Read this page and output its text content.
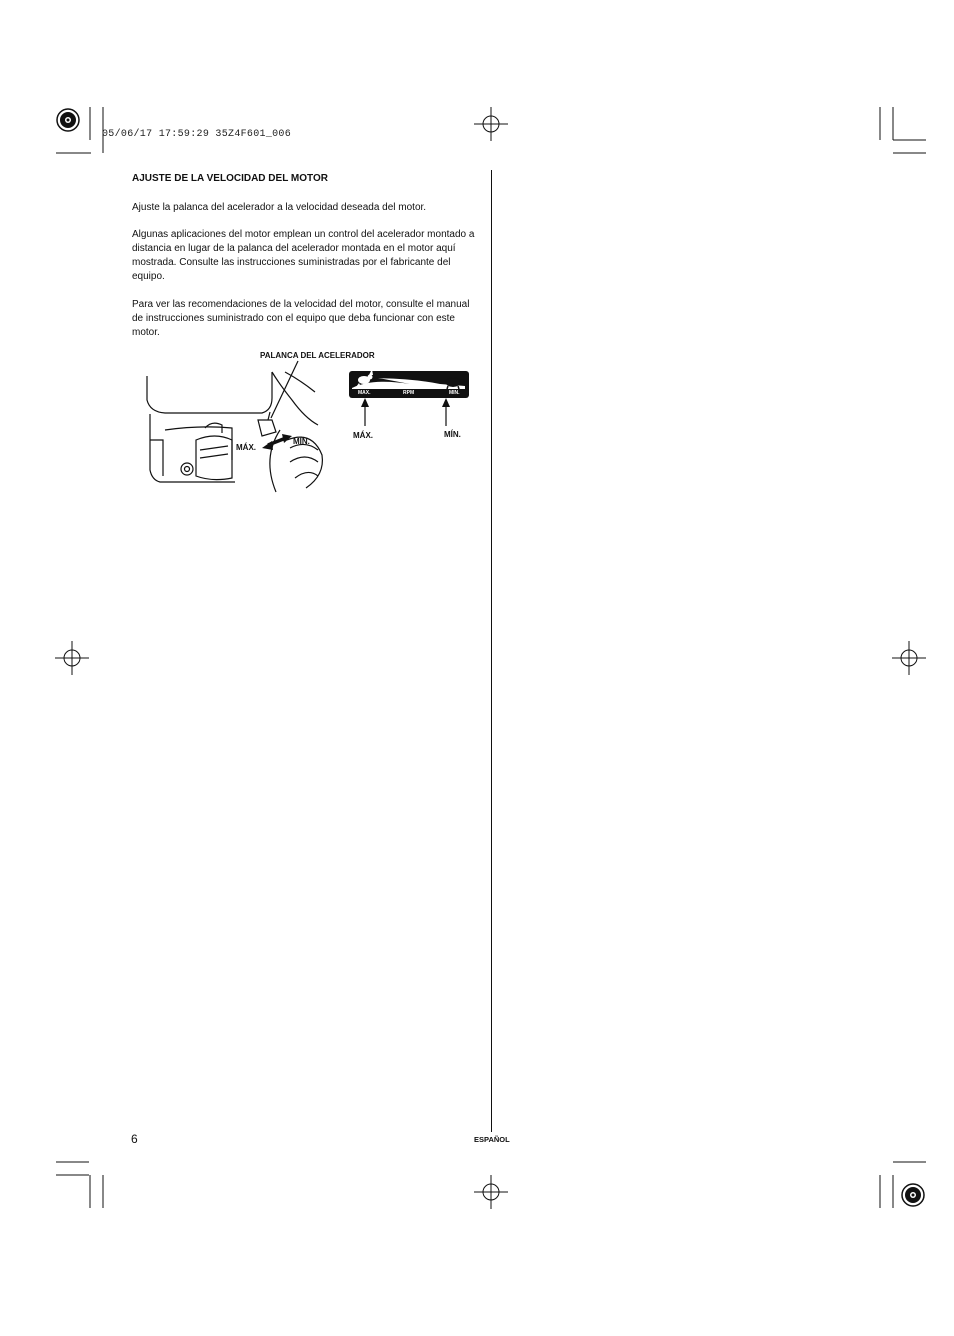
05/06/17 17:59:29 35Z4F601_006
AJUSTE DE LA VELOCIDAD DEL MOTOR
Ajuste la palanca del acelerador a la velocidad deseada del motor.
Algunas aplicaciones del motor emplean un control del acelerador montado a distancia en lugar de la palanca del acelerador montada en el motor aquí mostrada. Consulte las instrucciones suministradas por el fabricante del equipo.
Para ver las recomendaciones de la velocidad del motor, consulte el manual de instrucciones suministrado con el equipo que deba funcionar con este motor.
PALANCA DEL ACELERADOR
MÁX.
MÍN.
MAX.	RPM	MIN.
MÁX.	MÍN.
6	ESPAÑOL
